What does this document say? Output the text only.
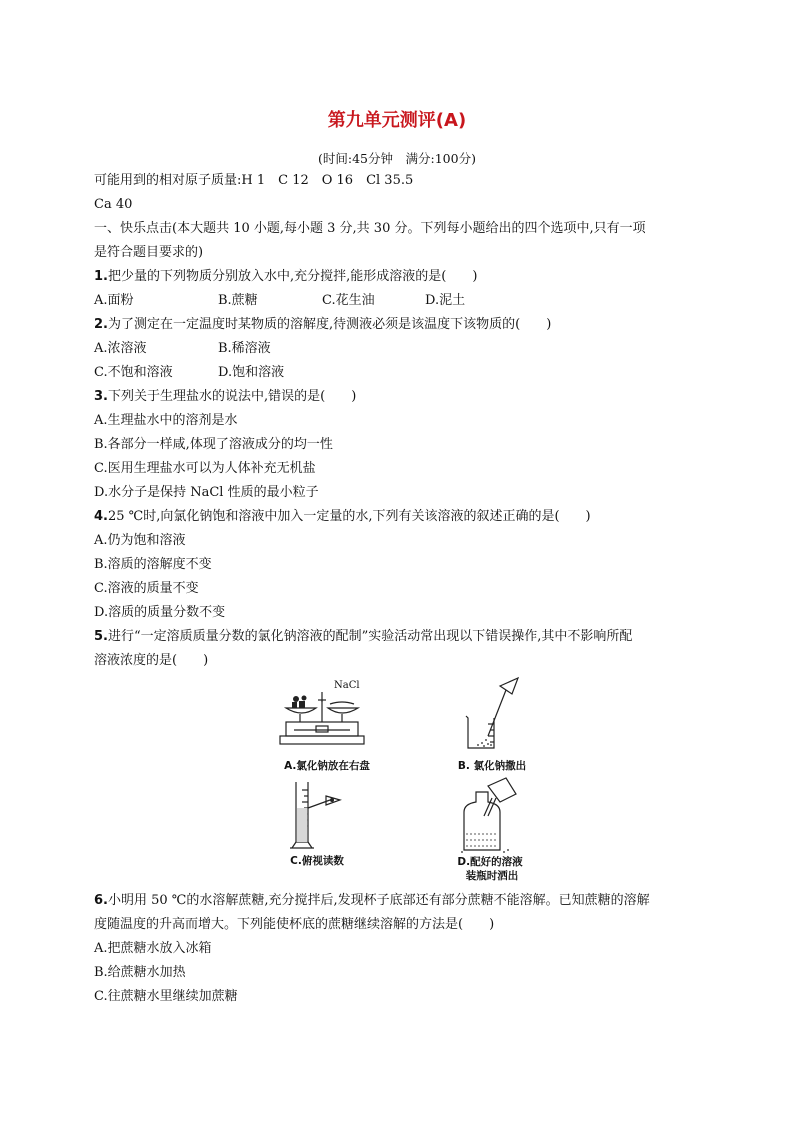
第九单元测评(A)
(时间:45分钟　满分:100分)
可能用到的相对原子质量:H 1　C 12　O 16　Cl 35.5
Ca 40
一、快乐点击(本大题共 10 小题,每小题 3 分,共 30 分。下列每小题给出的四个选项中,只有一项
是符合题目要求的)
1.把少量的下列物质分别放入水中,充分搅拌,能形成溶液的是(　　)
A.面粉	B.蔗糖	C.花生油	D.泥土
2.为了测定在一定温度时某物质的溶解度,待测液必须是该温度下该物质的(　　)
A.浓溶液	B.稀溶液
C.不饱和溶液	D.饱和溶液
3.下列关于生理盐水的说法中,错误的是(　　)
A.生理盐水中的溶剂是水
B.各部分一样咸,体现了溶液成分的均一性
C.医用生理盐水可以为人体补充无机盐
D.水分子是保持 NaCl 性质的最小粒子
4.25 ℃时,向氯化钠饱和溶液中加入一定量的水,下列有关该溶液的叙述正确的是(　　)
A.仍为饱和溶液
B.溶质的溶解度不变
C.溶液的质量不变
D.溶质的质量分数不变
5.进行“一定溶质质量分数的氯化钠溶液的配制”实验活动常出现以下错误操作,其中不影响所配
溶液浓度的是(　　)
NaCl
A.氯化钠放在右盘	B. 氯化钠撒出
C.俯视读数	D.配好的溶液
装瓶时洒出
6.小明用 50 ℃的水溶解蔗糖,充分搅拌后,发现杯子底部还有部分蔗糖不能溶解。已知蔗糖的溶解
度随温度的升高而增大。下列能使杯底的蔗糖继续溶解的方法是(　　)
A.把蔗糖水放入冰箱
B.给蔗糖水加热
C.往蔗糖水里继续加蔗糖
